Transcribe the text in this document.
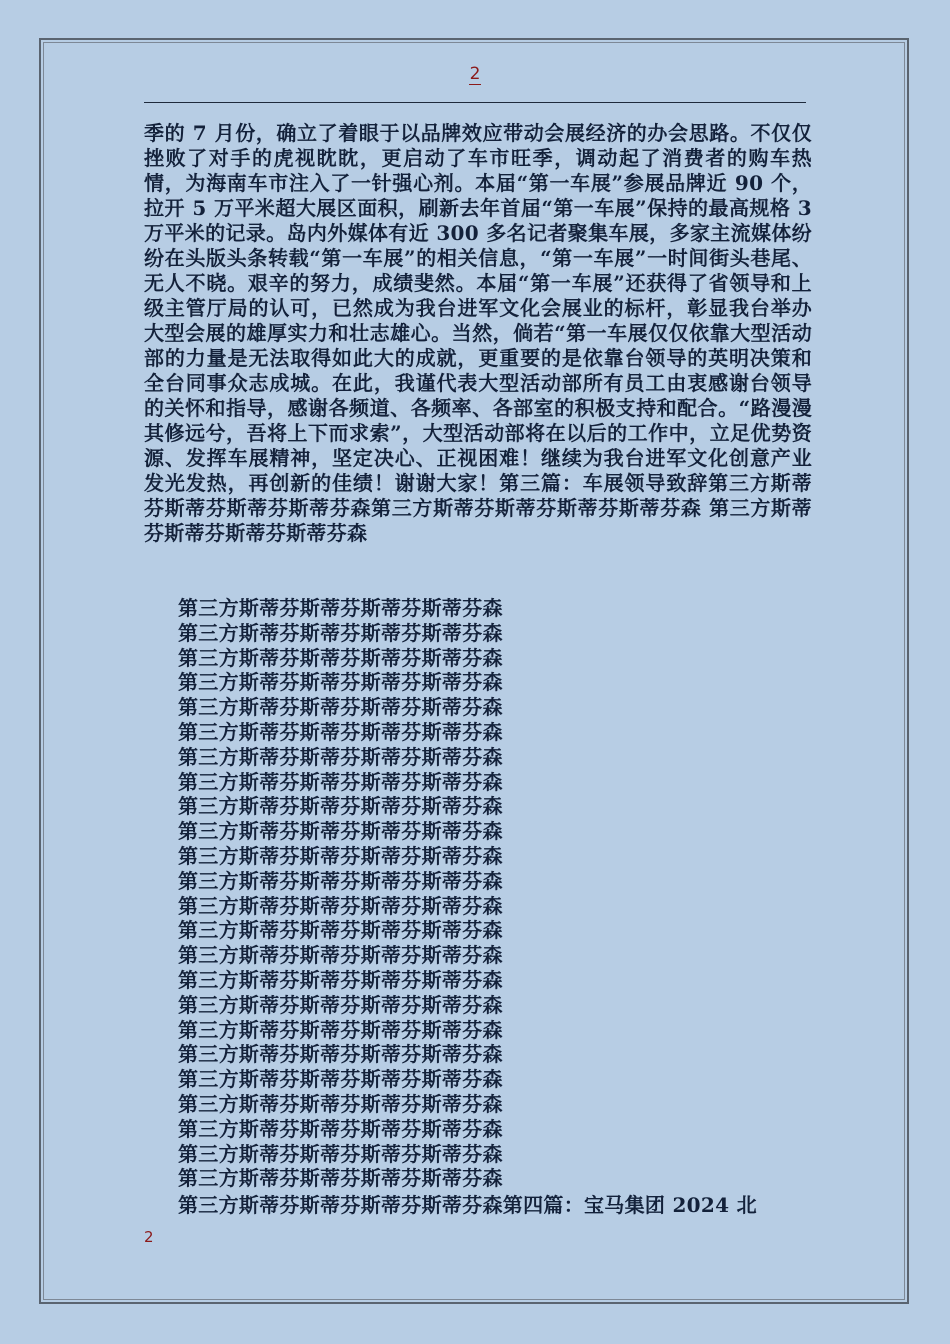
2

季的 7 月份，确立了着眼于以品牌效应带动会展经济的办会思路。不仅仅挫败了对手的虎视眈眈，更启动了车市旺季，调动起了消费者的购车热情，为海南车市注入了一针强心剂。本届“第一车展”参展品牌近 90 个，拉开 5 万平米超大展区面积，刷新去年首届“第一车展”保持的最高规格 3 万平米的记录。岛内外媒体有近 300 多名记者聚集车展，多家主流媒体纷纷在头版头条转载“第一车展”的相关信息，“第一车展”一时间街头巷尾、无人不晓。艰辛的努力，成绩斐然。本届“第一车展”还获得了省领导和上级主管厅局的认可，已然成为我台进军文化会展业的标杆，彰显我台举办大型会展的雄厚实力和壮志雄心。当然，倘若“第一车展仅仅依靠大型活动部的力量是无法取得如此大的成就，更重要的是依靠台领导的英明决策和全台同事众志成城。在此，我谨代表大型活动部所有员工由衷感谢台领导的关怀和指导，感谢各频道、各频率、各部室的积极支持和配合。“路漫漫其修远兮，吾将上下而求索”，大型活动部将在以后的工作中，立足优势资源、发挥车展精神，坚定决心、正视困难！继续为我台进军文化创意产业发光发热，再创新的佳绩！谢谢大家！第三篇：车展领导致辞第三方斯蒂芬斯蒂芬斯蒂芬斯蒂芬森第三方斯蒂芬斯蒂芬斯蒂芬斯蒂芬森 第三方斯蒂芬斯蒂芬斯蒂芬斯蒂芬森

第三方斯蒂芬斯蒂芬斯蒂芬斯蒂芬森
第三方斯蒂芬斯蒂芬斯蒂芬斯蒂芬森
第三方斯蒂芬斯蒂芬斯蒂芬斯蒂芬森
第三方斯蒂芬斯蒂芬斯蒂芬斯蒂芬森
第三方斯蒂芬斯蒂芬斯蒂芬斯蒂芬森
第三方斯蒂芬斯蒂芬斯蒂芬斯蒂芬森
第三方斯蒂芬斯蒂芬斯蒂芬斯蒂芬森
第三方斯蒂芬斯蒂芬斯蒂芬斯蒂芬森
第三方斯蒂芬斯蒂芬斯蒂芬斯蒂芬森
第三方斯蒂芬斯蒂芬斯蒂芬斯蒂芬森
第三方斯蒂芬斯蒂芬斯蒂芬斯蒂芬森
第三方斯蒂芬斯蒂芬斯蒂芬斯蒂芬森
第三方斯蒂芬斯蒂芬斯蒂芬斯蒂芬森
第三方斯蒂芬斯蒂芬斯蒂芬斯蒂芬森
第三方斯蒂芬斯蒂芬斯蒂芬斯蒂芬森
第三方斯蒂芬斯蒂芬斯蒂芬斯蒂芬森
第三方斯蒂芬斯蒂芬斯蒂芬斯蒂芬森
第三方斯蒂芬斯蒂芬斯蒂芬斯蒂芬森
第三方斯蒂芬斯蒂芬斯蒂芬斯蒂芬森
第三方斯蒂芬斯蒂芬斯蒂芬斯蒂芬森
第三方斯蒂芬斯蒂芬斯蒂芬斯蒂芬森
第三方斯蒂芬斯蒂芬斯蒂芬斯蒂芬森
第三方斯蒂芬斯蒂芬斯蒂芬斯蒂芬森
第三方斯蒂芬斯蒂芬斯蒂芬斯蒂芬森

第三方斯蒂芬斯蒂芬斯蒂芬斯蒂芬森第四篇：宝马集团 2024 北

2
